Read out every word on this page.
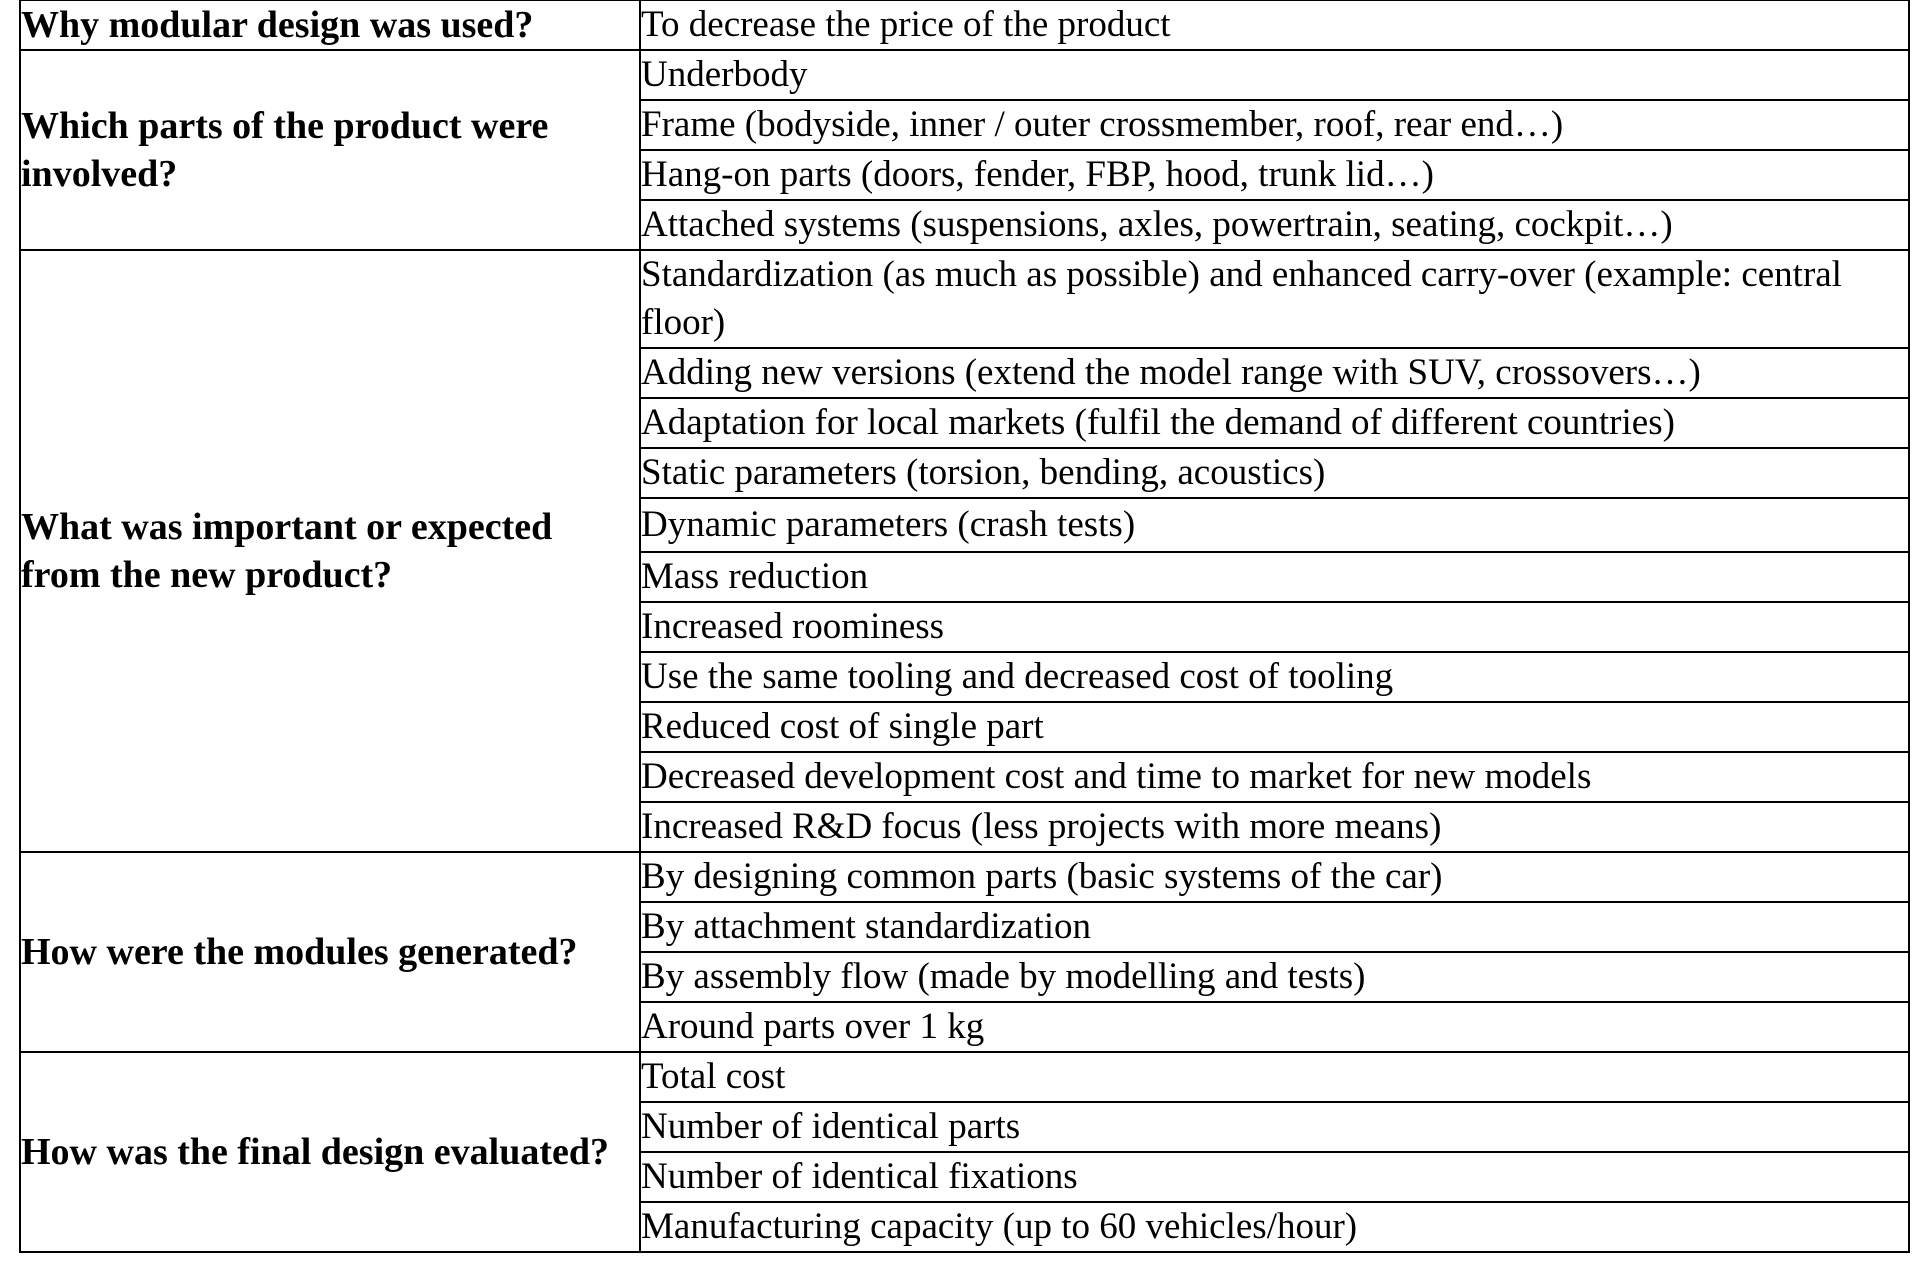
Why modular design was used?	To decrease the price of the product

Which parts of the product were involved?	Underbody

	Frame (bodyside, inner / outer crossmember, roof, rear end…)

	Hang-on parts (doors, fender, FBP, hood, trunk lid…)

	Attached systems (suspensions, axles, powertrain, seating, cockpit…)

What was important or expected from the new product?	Standardization (as much as possible) and enhanced carry-over (example: central floor)

	Adding new versions (extend the model range with SUV, crossovers…)

	Adaptation for local markets (fulfil the demand of different countries)

	Static parameters (torsion, bending, acoustics)

	Dynamic parameters (crash tests)

	Mass reduction

	Increased roominess

	Use the same tooling and decreased cost of tooling

	Reduced cost of single part

	Decreased development cost and time to market for new models

	Increased R&D focus (less projects with more means)

How were the modules generated?	By designing common parts (basic systems of the car)

	By attachment standardization

	By assembly flow (made by modelling and tests)

	Around parts over 1 kg

How was the final design evaluated?	Total cost

	Number of identical parts

	Number of identical fixations

	Manufacturing capacity (up to 60 vehicles/hour)
